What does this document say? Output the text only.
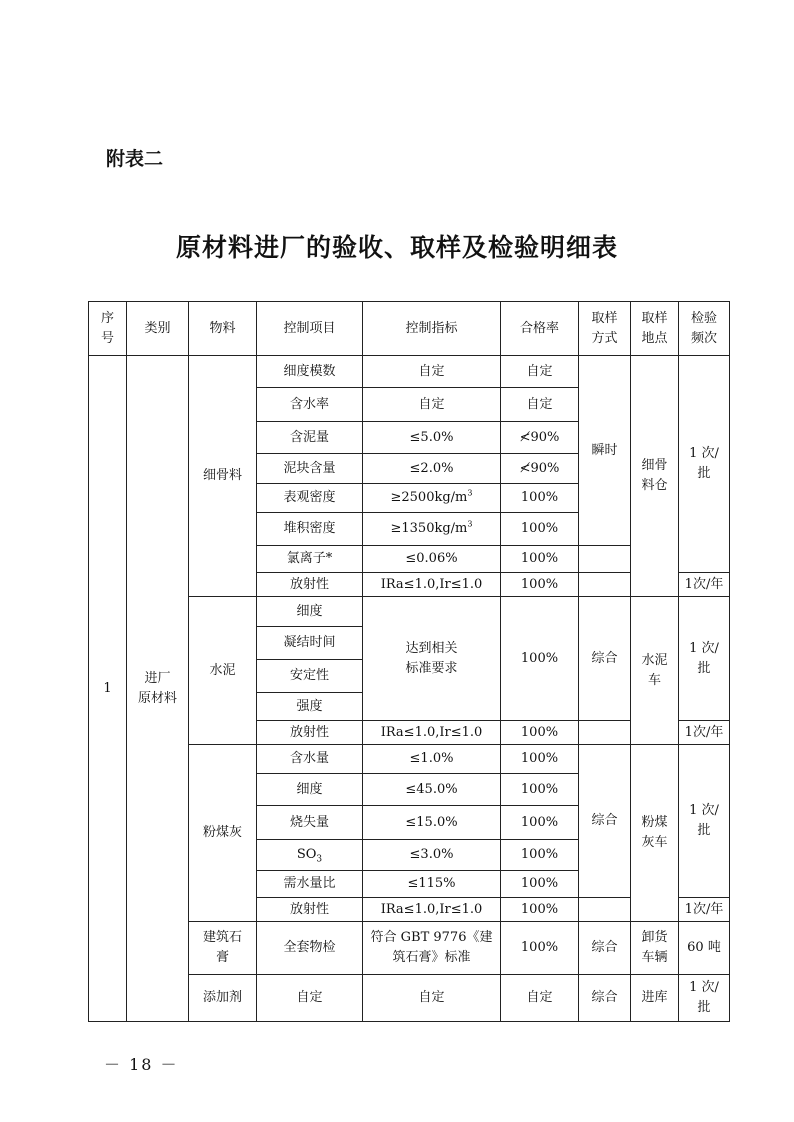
附表二
原材料进厂的验收、取样及检验明细表
序
号	类别	物料	控制项目	控制指标	合格率	取样
方式	取样
地点	检验
频次
1	进厂
原材料	细骨料	细度模数	自定	自定	瞬时	细骨
料仓	1 次/
批
			含水率	自定	自定			
			含泥量	≤5.0%	≮90%			
			泥块含量	≤2.0%	≮90%			
			表观密度	$\ge 2500kg/m^3$	100%			
			堆积密度	$\ge 1350kg/m^3$	100%			
			氯离子*	≤0.06%	100%			
			放射性	IRa≤1.0,Ir≤1.0	100%			1次/年
		水泥	细度	达到相关
标准要求	100%	综合	水泥
车	1 次/
批
			凝结时间					
			安定性					
			强度					
			放射性	IRa≤1.0,Ir≤1.0	100%			1次/年
		粉煤灰	含水量	≤1.0%	100%	综合	粉煤
灰车	1 次/
批
			细度	≤45.0%	100%			
			烧失量	≤15.0%	100%			
			$SO_3$	≤3.0%	100%			
			需水量比	≤115%	100%			
			放射性	IRa≤1.0,Ir≤1.0	100%			1次/年
		建筑石
膏	全套物检	符合 GBT 9776《建
筑石膏》标准	100%	综合	卸货
车辆	60 吨
		添加剂	自定	自定	自定	综合	进库	1 次/
批
－ 18 －
